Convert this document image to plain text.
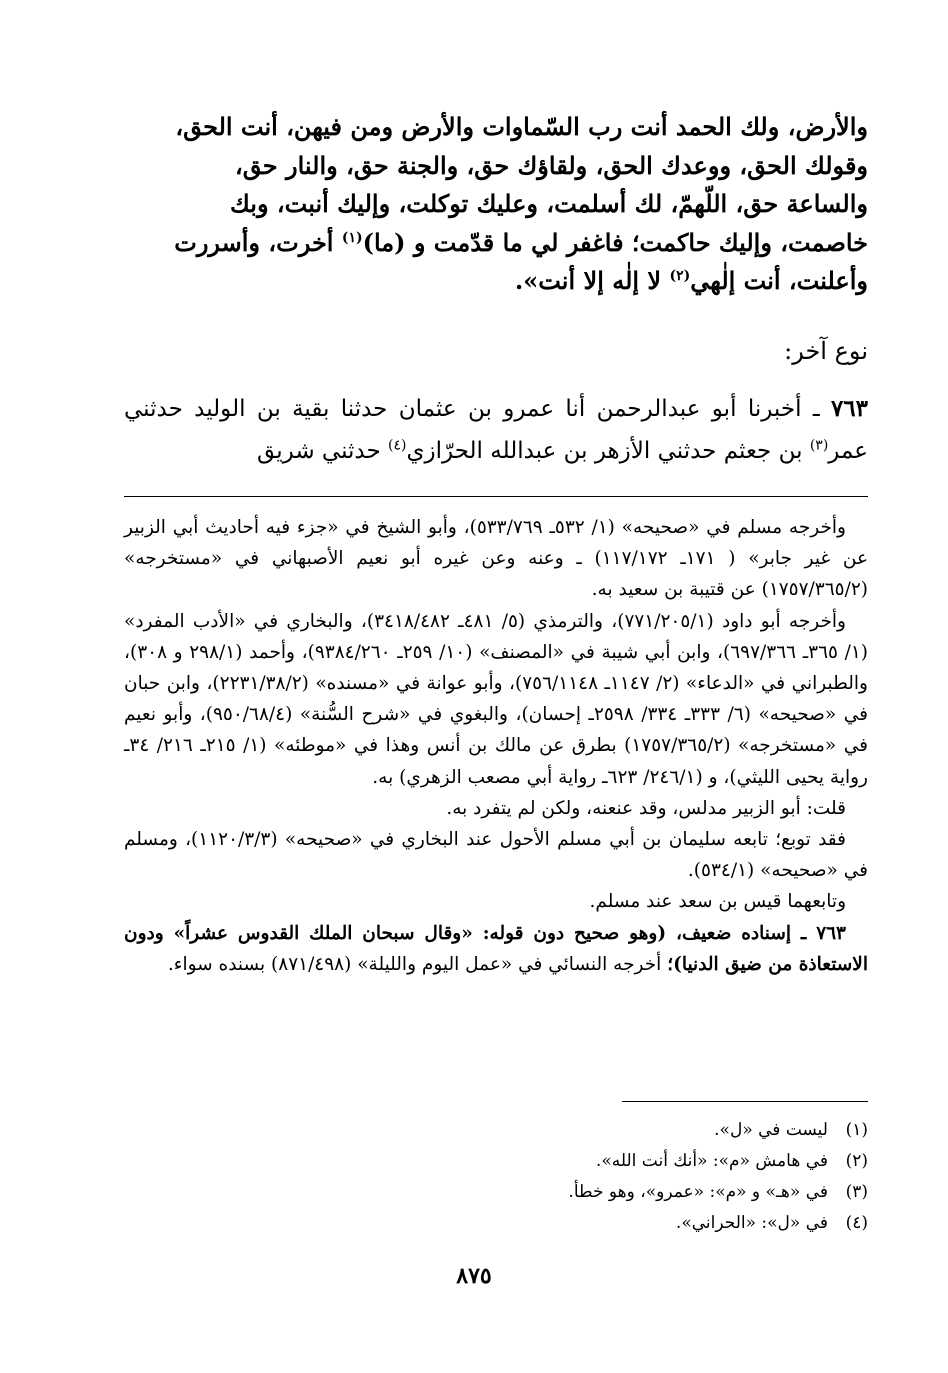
والأرض، ولك الحمد أنت رب السّماوات والأرض ومن فيهن، أنت الحق،

وقولك الحق، ووعدك الحق، ولقاؤك حق، والجنة حق، والنار حق،

والساعة حق، اللّهمّ، لك أسلمت، وعليك توكلت، وإليك أنبت، وبك

خاصمت، وإليك حاكمت؛ فاغفر لي ما قدّمت و (ما)$^{(١)}$ أخرت، وأسررت

وأعلنت، أنت إلٰهي$^{(٢)}$ لا إلٰه إلا أنت».

نوع آخر:

٧٦٣ ـ أخبرنا أبو عبدالرحمن أنا عمرو بن عثمان حدثنا بقية بن الوليد حدثني عمر$^{(٣)}$ بن جعثم حدثني الأزهر بن عبدالله الحرّازي$^{(٤)}$ حدثني شريق

وأخرجه مسلم في «صحيحه» (١/ ٥٣٢ـ ٥٣٣/٧٦٩)، وأبو الشيخ في «جزء فيه أحاديث أبي الزبير عن غير جابر» ( ١٧١ـ ١١٧/١٧٢) ـ وعنه وعن غيره أبو نعيم الأصبهاني في «مستخرجه» (١٧٥٧/٣٦٥/٢) عن قتيبة بن سعيد به.

وأخرجه أبو داود (٧٧١/٢٠٥/١)، والترمذي (٥/ ٤٨١ـ ٣٤١٨/٤٨٢)، والبخاري في «الأدب المفرد» (١/ ٣٦٥ـ ٦٩٧/٣٦٦)، وابن أبي شيبة في «المصنف» (١٠/ ٢٥٩ـ ٩٣٨٤/٢٦٠)، وأحمد (٢٩٨/١ و ٣٠٨)، والطبراني في «الدعاء» (٢/ ١١٤٧ـ ٧٥٦/١١٤٨)، وأبو عوانة في «مسنده» (٢٢٣١/٣٨/٢)، وابن حبان في «صحيحه» (٦/ ٣٣٣ـ ٣٣٤/ ٢٥٩٨ـ إحسان)، والبغوي في «شرح السُّنة» (٩٥٠/٦٨/٤)، وأبو نعيم في «مستخرجه» (١٧٥٧/٣٦٥/٢) بطرق عن مالك بن أنس وهذا في «موطئه» (١/ ٢١٥ـ ٢١٦/ ٣٤ـ رواية يحيى الليثي)، و (٢٤٦/١/ ٦٢٣ـ رواية أبي مصعب الزهري) به.

قلت: أبو الزبير مدلس، وقد عنعنه، ولكن لم يتفرد به.

فقد توبع؛ تابعه سليمان بن أبي مسلم الأحول عند البخاري في «صحيحه» (١١٢٠/٣/٣)، ومسلم في «صحيحه» (٥٣٤/١).

وتابعهما قيس بن سعد عند مسلم.

٧٦٣ ـ إسناده ضعيف، (وهو صحيح دون قوله: «وقال سبحان الملك القدوس عشراً» ودون الاستعاذة من ضيق الدنيا)؛ أخرجه النسائي في «عمل اليوم والليلة» (٨٧١/٤٩٨) بسنده سواء.

(١)ليست في «ل».
(٢)في هامش «م»: «أنك أنت الله».
(٣)في «هـ» و «م»: «عمرو»، وهو خطأ.
(٤)في «ل»: «الحراني».
٨٧٥
